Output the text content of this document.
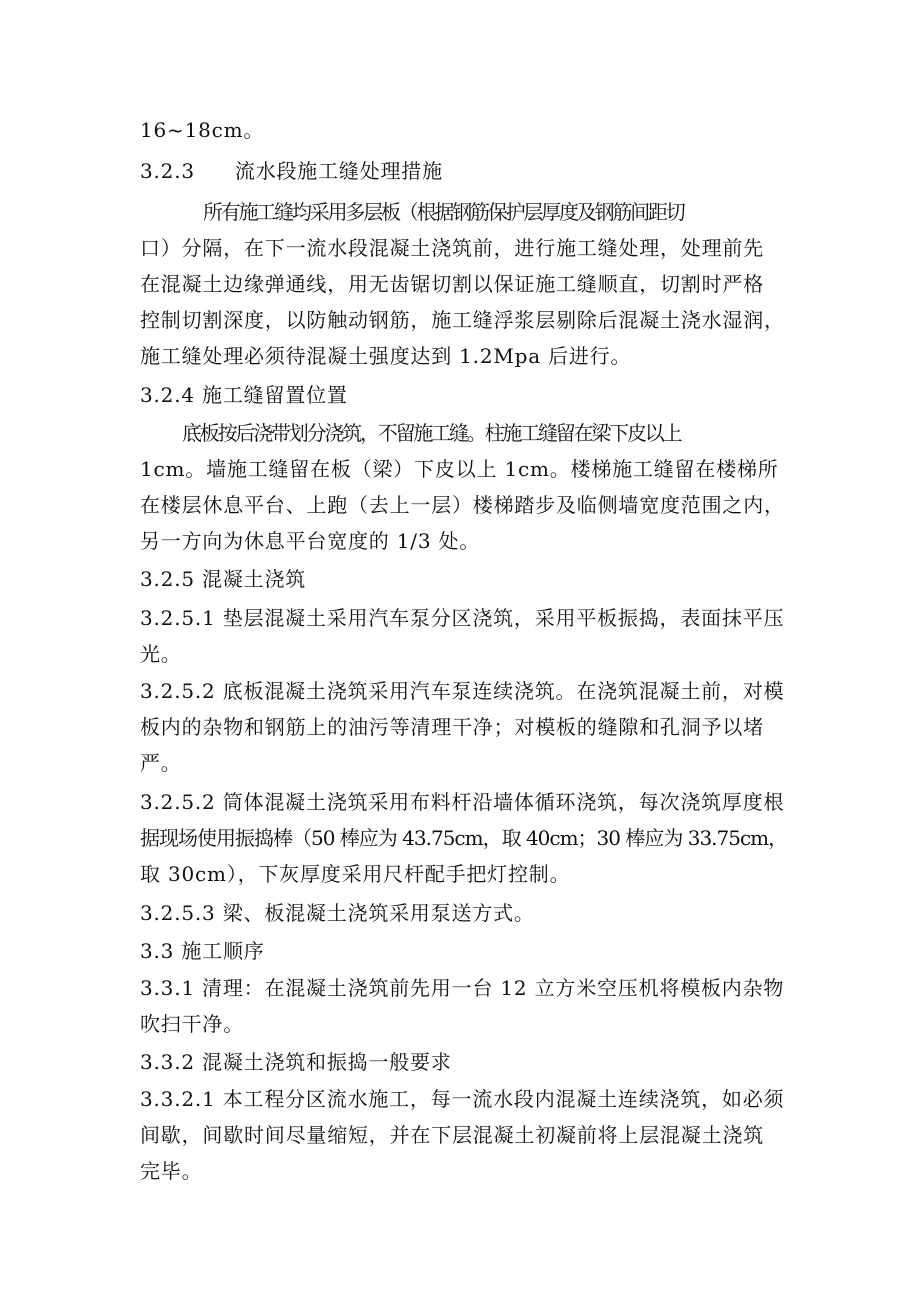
16~18cm。
3.2.3 流水段施工缝处理措施
所有施工缝均采用多层板（根据钢筋保护层厚度及钢筋间距切
口）分隔，在下一流水段混凝土浇筑前，进行施工缝处理，处理前先
在混凝土边缘弹通线，用无齿锯切割以保证施工缝顺直，切割时严格
控制切割深度，以防触动钢筋，施工缝浮浆层剔除后混凝土浇水湿润，
施工缝处理必须待混凝土强度达到 1.2Mpa 后进行。
3.2.4 施工缝留置位置
底板按后浇带划分浇筑，不留施工缝。柱施工缝留在梁下皮以上
1cm。墙施工缝留在板（梁）下皮以上 1cm。楼梯施工缝留在楼梯所
在楼层休息平台、上跑（去上一层）楼梯踏步及临侧墙宽度范围之内，
另一方向为休息平台宽度的 1/3 处。
3.2.5 混凝土浇筑
3.2.5.1 垫层混凝土采用汽车泵分区浇筑，采用平板振捣，表面抹平压
光。
3.2.5.2 底板混凝土浇筑采用汽车泵连续浇筑。在浇筑混凝土前，对模
板内的杂物和钢筋上的油污等清理干净；对模板的缝隙和孔洞予以堵
严。
3.2.5.2 筒体混凝土浇筑采用布料杆沿墙体循环浇筑，每次浇筑厚度根
据现场使用振捣棒（50 棒应为 43.75cm，取 40cm；30 棒应为 33.75cm，
取 30cm），下灰厚度采用尺杆配手把灯控制。
3.2.5.3 梁、板混凝土浇筑采用泵送方式。
3.3 施工顺序
3.3.1 清理：在混凝土浇筑前先用一台 12 立方米空压机将模板内杂物
吹扫干净。
3.3.2 混凝土浇筑和振捣一般要求
3.3.2.1 本工程分区流水施工，每一流水段内混凝土连续浇筑，如必须
间歇，间歇时间尽量缩短，并在下层混凝土初凝前将上层混凝土浇筑
完毕。
